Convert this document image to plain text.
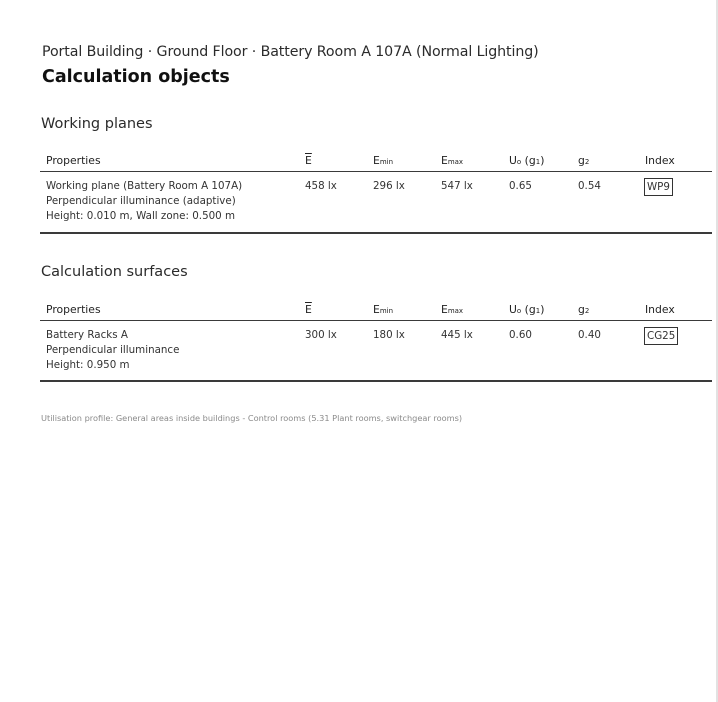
Portal Building · Ground Floor · Battery Room A 107A (Normal Lighting)
Calculation objects
Working planes
Properties	$\overline{E}$	Emin	Emax	Uo (g1)	g2	Index
Working plane (Battery Room A 107A)
Perpendicular illuminance (adaptive)
Height: 0.010 m, Wall zone: 0.500 m
458 lx	296 lx	547 lx	0.65	0.54	WP9
Calculation surfaces
Properties	$\overline{E}$	Emin	Emax	Uo (g1)	g2	Index
Battery Racks A
Perpendicular illuminance
Height: 0.950 m
300 lx	180 lx	445 lx	0.60	0.40	CG25
Utilisation profile: General areas inside buildings - Control rooms (5.31 Plant rooms, switchgear rooms)
